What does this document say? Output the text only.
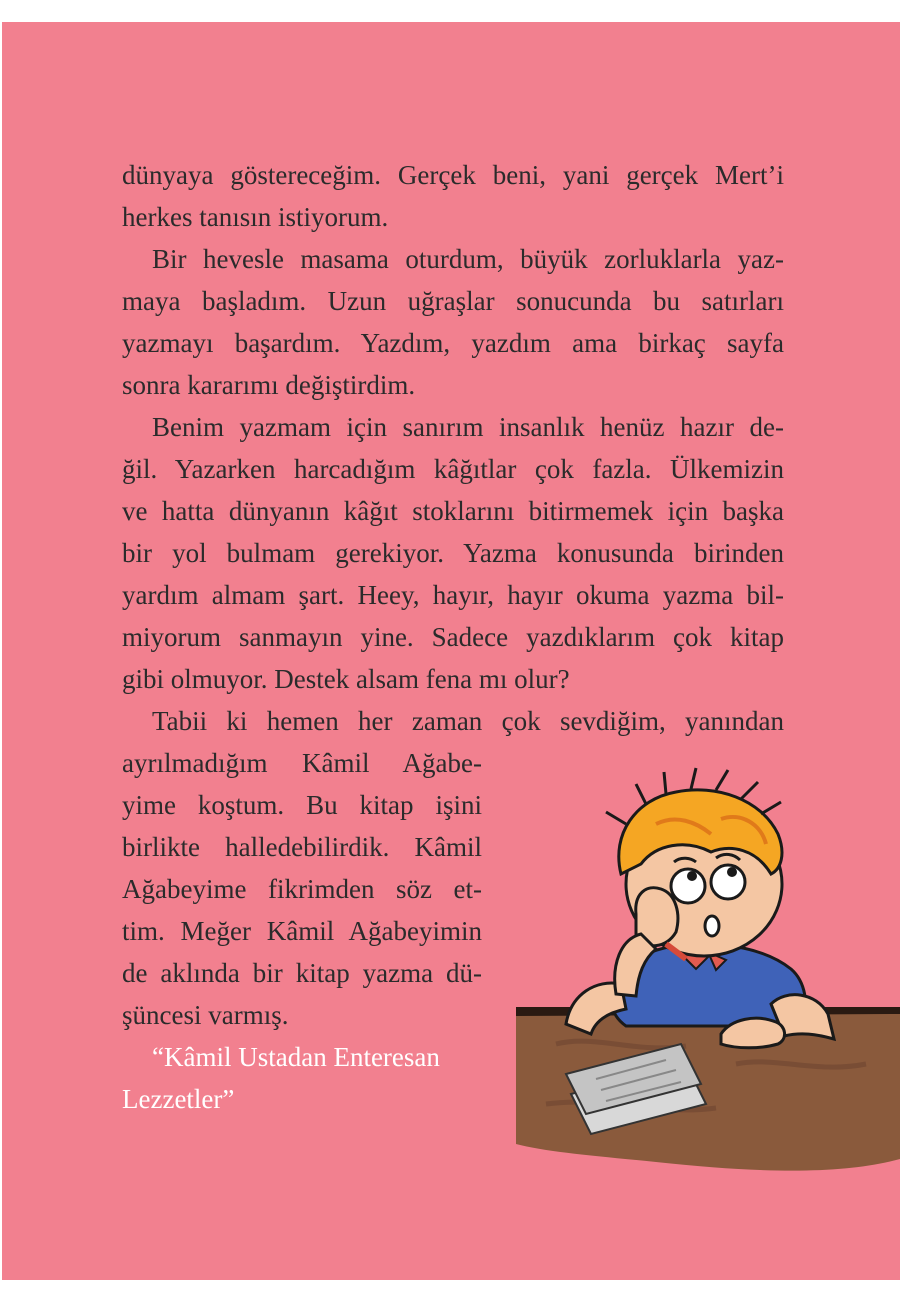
dünyaya göstereceğim. Gerçek beni, yani gerçek Mert’i
herkes tanısın istiyorum.
Bir hevesle masama oturdum, büyük zorluklarla yaz-
maya başladım. Uzun uğraşlar sonucunda bu satırları
yazmayı başardım. Yazdım, yazdım ama birkaç sayfa
sonra kararımı değiştirdim.
Benim yazmam için sanırım insanlık henüz hazır de-
ğil. Yazarken harcadığım kâğıtlar çok fazla. Ülkemizin
ve hatta dünyanın kâğıt stoklarını bitirmemek için başka
bir yol bulmam gerekiyor. Yazma konusunda birinden
yardım almam şart. Heey, hayır, hayır okuma yazma bil-
miyorum sanmayın yine. Sadece yazdıklarım çok kitap
gibi olmuyor. Destek alsam fena mı olur?
Tabii ki hemen her zaman çok sevdiğim, yanından
ayrılmadığım Kâmil Ağabe-
yime koştum. Bu kitap işini
birlikte halledebilirdik. Kâmil
Ağabeyime fikrimden söz et-
tim. Meğer Kâmil Ağabeyimin
de aklında bir kitap yazma dü-
şüncesi varmış.
“Kâmil Ustadan Enteresan
Lezzetler”
